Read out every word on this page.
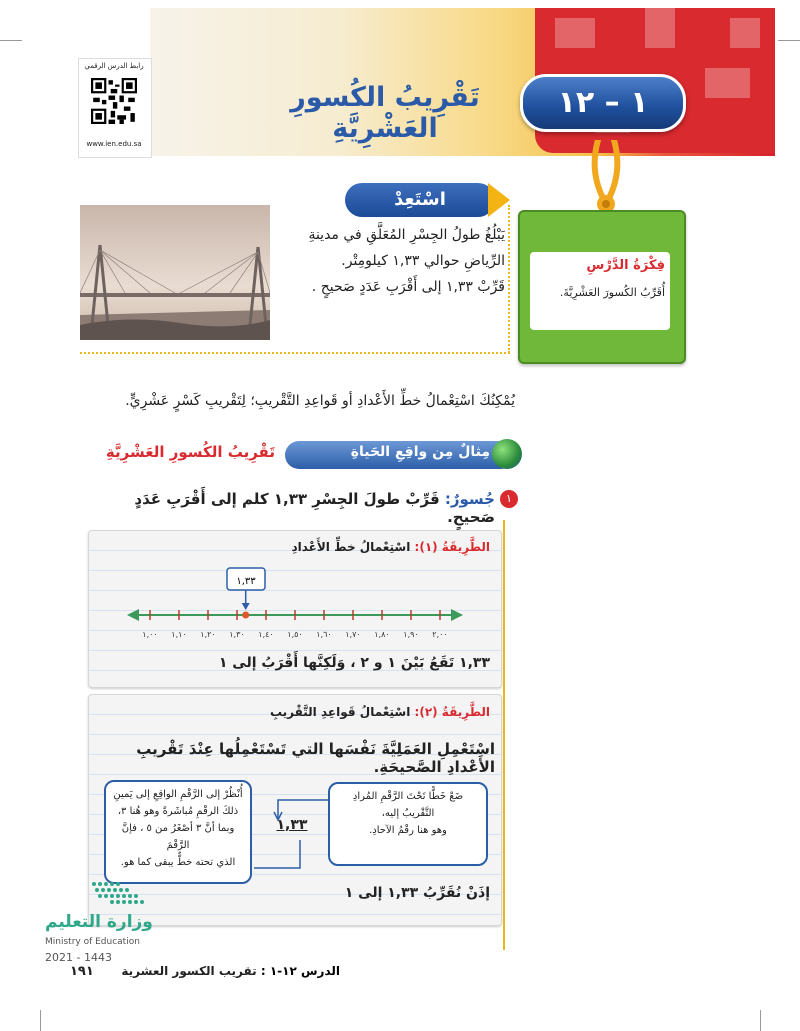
١ – ١٢
تَقْرِيبُ الكُسورِ العَشْرِيَّةِ
رابط الدرس الرقمي
www.ien.edu.sa
فِكْرَةُ الدَّرْسِ
أُقَرِّبُ الكُسورَ العَشْرِيَّةَ.
اسْتَعِدْ
يَبْلُغُ طولُ الجِسْرِ المُعَلَّقِ في مدينةِ
الرِّياضِ حوالي ١,٣٣ كيلومِتْر.
قَرِّبْ ١,٣٣ إلى أَقْرَبِ عَدَدٍ صَحيحٍ .
يُمْكِنُكَ اسْتِعْمالُ خطِّ الأَعْدادِ أو قَواعِدِ التَّقْريبِ؛ لِتَقْريبِ كَسْرٍ عَشْرِيٍّ.
مِثالٌ مِن واقِعِ الحَياةِ
تَقْرِيبُ الكُسورِ العَشْرِيَّةِ
١
جُسورٌ: قَرِّبْ طولَ الجِسْرِ ١,٣٣ كلم إلى أَقْرَبِ عَدَدٍ صَحيحٍ.
الطَّرِيقَةُ (١): اسْتِعْمالُ خطِّ الأَعْدادِ
١,٠٠ ١,١٠ ١,٢٠ ١,٣٠ ١,٤٠ ١,٥٠ ١,٦٠ ١,٧٠ ١,٨٠ ١,٩٠ ٢,٠٠
١,٣٣
١,٣٣ تَقَعُ بَيْنَ ١ و ٢ ، وَلَكِنَّها أَقْرَبُ إلى ١
الطَّرِيقَةُ (٢): اسْتِعْمالُ قَواعِدِ التَّقْريبِ
اسْتَعْمِلِ العَمَلِيَّةَ نَفْسَها التي تَسْتَعْمِلُها عِنْدَ تَقْريبِ الأَعْدادِ الصَّحيحَةِ.
ضَعْ خَطًّا تَحْتَ الرَّقْمِ المُرادِ
التَّقْريبُ إليه،
وهو هنا رقْمُ الآحادِ.
أُنْظُرْ إلى الرَّقْمِ الواقِعِ إلى يَمينِ
ذلكَ الرقْمِ مُباشَرةً وهو هُنا ٣،
وبما أنَّ ٣ أصْغَرُ من ٥ ، فإنَّ الرَّقْمَ
الذي تحته خطٌّ يبقى كما هو.
١,٣٣
إذَنْ نُقَرِّبُ ١,٣٣ إلى ١
وزارة التعليم
Ministry of Education
2021 - 1443
الدرس ١٢-١ : تقريب الكسور العشرية
١٩١
